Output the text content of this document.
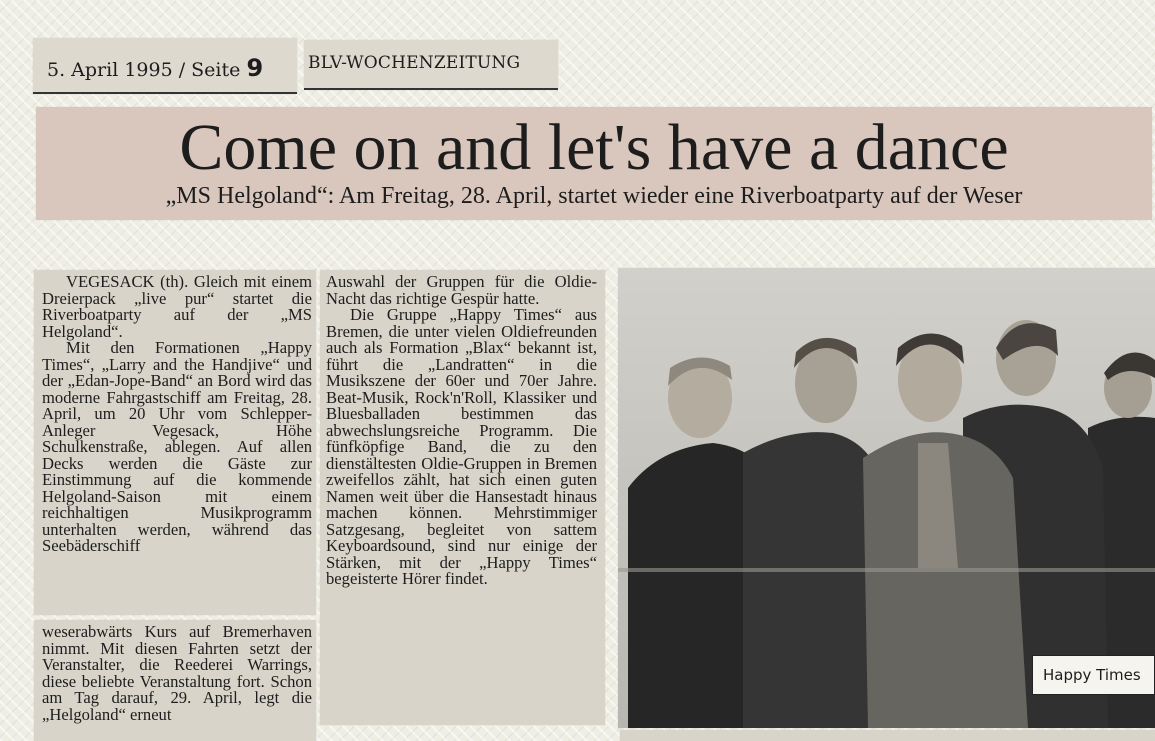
5. April 1995 / Seite 9	BLV-WOCHENZEITUNG
Come on and let's have a dance
„MS Helgoland“: Am Freitag, 28. April, startet wieder eine Riverboatparty auf der Weser

VEGESACK (th). Gleich mit einem Dreierpack „live pur“ startet die Riverboatparty auf der „MS Helgoland“.

Mit den Formationen „Happy Times“, „Larry and the Handjive“ und der „Edan-Jope-Band“ an Bord wird das moderne Fahrgastschiff am Freitag, 28. April, um 20 Uhr vom Schlepper-Anleger Vegesack, Höhe Schulkenstraße, ablegen. Auf allen Decks werden die Gäste zur Einstimmung auf die kommende Helgoland-Saison mit einem reichhaltigen Musikprogramm unterhalten werden, während das Seebäderschiff

Auswahl der Gruppen für die Oldie-Nacht das richtige Gespür hatte.

Die Gruppe „Happy Times“ aus Bremen, die unter vielen Oldiefreunden auch als Formation „Blax“ bekannt ist, führt die „Landratten“ in die Musikszene der 60er und 70er Jahre. Beat-Musik, Rock'n'Roll, Klassiker und Bluesballaden bestimmen das abwechslungsreiche Programm. Die fünfköpfige Band, die zu den dienstältesten Oldie-Gruppen in Bremen zweifellos zählt, hat sich einen guten Namen weit über die Hansestadt hinaus machen können. Mehrstimmiger Satzgesang, begleitet von sattem Keyboardsound, sind nur einige der Stärken, mit der „Happy Times“ begeisterte Hörer findet.

weserabwärts Kurs auf Bremerhaven nimmt. Mit diesen Fahrten setzt der Veranstalter, die Reederei Warrings, diese beliebte Veranstaltung fort. Schon am Tag darauf, 29. April, legt die „Helgoland“ erneut

Happy Times
